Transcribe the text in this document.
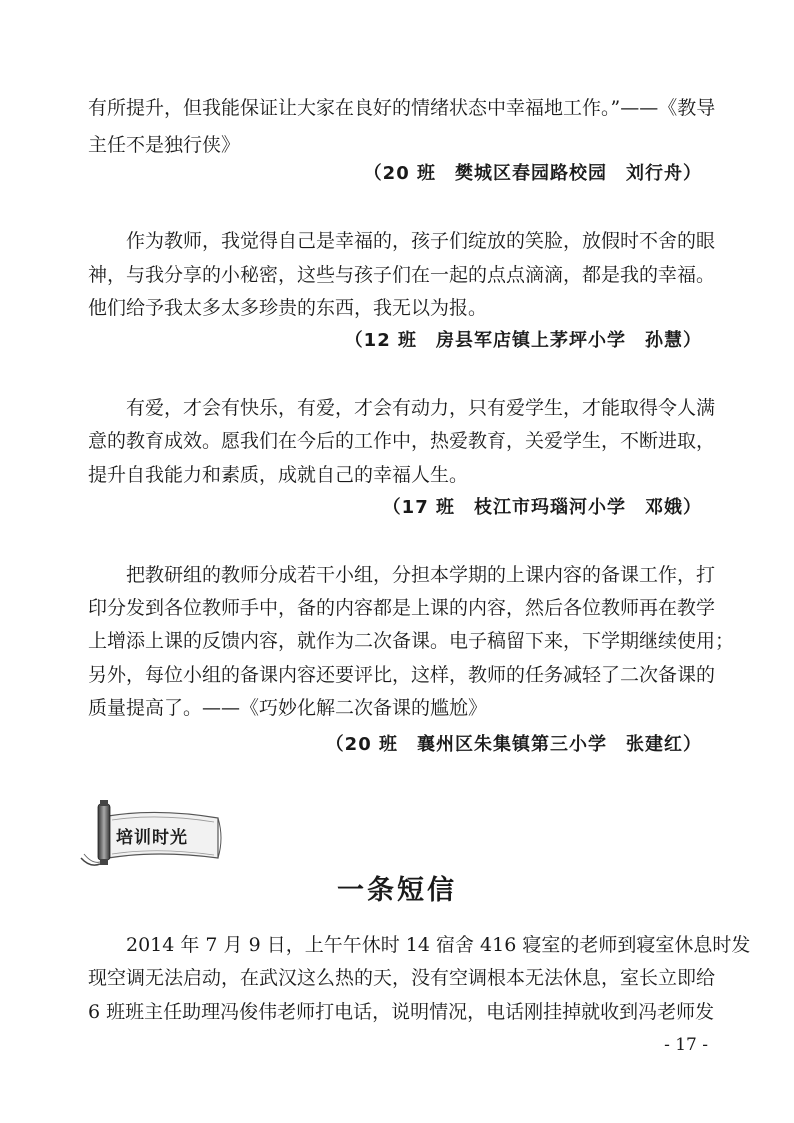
有所提升，但我能保证让大家在良好的情绪状态中幸福地工作。”——《教导
主任不是独行侠》
（20 班　樊城区春园路校园　刘行舟）
作为教师，我觉得自己是幸福的，孩子们绽放的笑脸，放假时不舍的眼
神，与我分享的小秘密，这些与孩子们在一起的点点滴滴，都是我的幸福。
他们给予我太多太多珍贵的东西，我无以为报。
（12 班　房县军店镇上茅坪小学　孙慧）
有爱，才会有快乐，有爱，才会有动力，只有爱学生，才能取得令人满
意的教育成效。愿我们在今后的工作中，热爱教育，关爱学生，不断进取，
提升自我能力和素质，成就自己的幸福人生。
（17 班　枝江市玛瑙河小学　邓娥）
把教研组的教师分成若干小组，分担本学期的上课内容的备课工作，打
印分发到各位教师手中，备的内容都是上课的内容，然后各位教师再在教学
上增添上课的反馈内容，就作为二次备课。电子稿留下来，下学期继续使用；
另外，每位小组的备课内容还要评比，这样，教师的任务减轻了二次备课的
质量提高了。——《巧妙化解二次备课的尴尬》
（20 班　襄州区朱集镇第三小学　张建红）
培训时光
一条短信
2014 年 7 月 9 日，上午午休时 14 宿舍 416 寝室的老师到寝室休息时发
现空调无法启动，在武汉这么热的天，没有空调根本无法休息，室长立即给
6 班班主任助理冯俊伟老师打电话，说明情况，电话刚挂掉就收到冯老师发
- 17 -
